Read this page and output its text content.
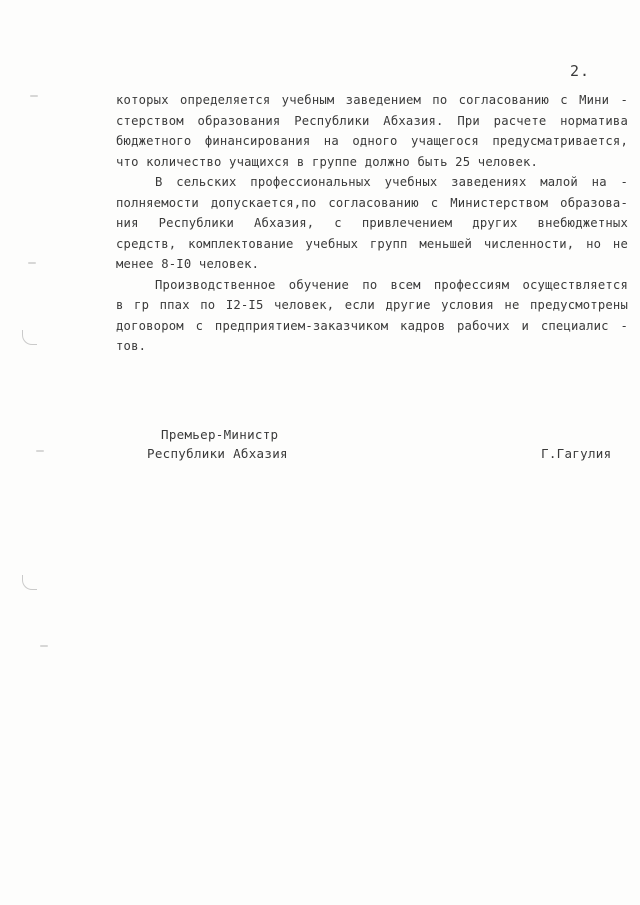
2.
которых определяется учебным заведением по согласованию с Мини -
стерством образования Республики Абхазия. При расчете норматива
бюджетного финансирования на одного учащегося предусматривается,
что количество учащихся в группе должно быть 25 человек.
В сельских профессиональных учебных заведениях малой на -
полняемости допускается,по согласованию с Министерством образова-
ния Республики Абхазия, с привлечением других внебюджетных
средств, комплектование учебных групп меньшей численности, но не
менее 8-I0 человек.
Производственное обучение по всем профессиям осуществляется
в гр ппах по I2-I5 человек, если другие условия не предусмотрены
договором с предприятием-заказчиком кадров рабочих и специалис -
тов.
Премьер-Министр
Республики Абхазия	Г.Гагулия
